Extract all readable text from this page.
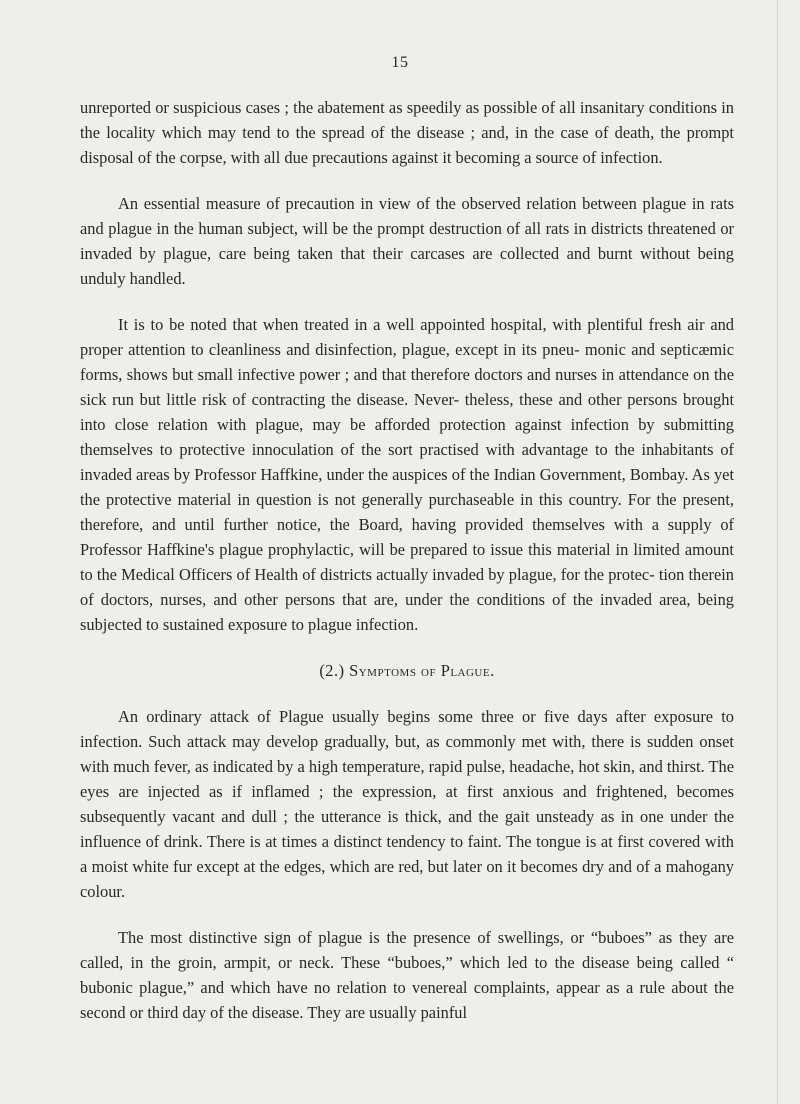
15

unreported or suspicious cases ; the abatement as speedily as possible of all insanitary conditions in the locality which may tend to the spread of the disease ; and, in the case of death, the prompt disposal of the corpse, with all due precautions against it becoming a source of infection.

An essential measure of precaution in view of the observed relation between plague in rats and plague in the human subject, will be the prompt destruction of all rats in districts threatened or invaded by plague, care being taken that their carcases are collected and burnt without being unduly handled.

It is to be noted that when treated in a well appointed hospital, with plentiful fresh air and proper attention to cleanliness and disinfection, plague, except in its pneu- monic and septicæmic forms, shows but small infective power ; and that therefore doctors and nurses in attendance on the sick run but little risk of contracting the disease. Never- theless, these and other persons brought into close relation with plague, may be afforded protection against infection by submitting themselves to protective innoculation of the sort practised with advantage to the inhabitants of invaded areas by Professor Haffkine, under the auspices of the Indian Government, Bombay. As yet the protective material in question is not generally purchaseable in this country. For the present, therefore, and until further notice, the Board, having provided themselves with a supply of Professor Haffkine's plague prophylactic, will be prepared to issue this material in limited amount to the Medical Officers of Health of districts actually invaded by plague, for the protec- tion therein of doctors, nurses, and other persons that are, under the conditions of the invaded area, being subjected to sustained exposure to plague infection.

(2.) Symptoms of Plague.

An ordinary attack of Plague usually begins some three or five days after exposure to infection. Such attack may develop gradually, but, as commonly met with, there is sudden onset with much fever, as indicated by a high temperature, rapid pulse, headache, hot skin, and thirst. The eyes are injected as if inflamed ; the expression, at first anxious and frightened, becomes subsequently vacant and dull ; the utterance is thick, and the gait unsteady as in one under the influence of drink. There is at times a distinct tendency to faint. The tongue is at first covered with a moist white fur except at the edges, which are red, but later on it becomes dry and of a mahogany colour.

The most distinctive sign of plague is the presence of swellings, or “buboes” as they are called, in the groin, armpit, or neck. These “buboes,” which led to the disease being called “ bubonic plague,” and which have no relation to venereal complaints, appear as a rule about the second or third day of the disease. They are usually painful
